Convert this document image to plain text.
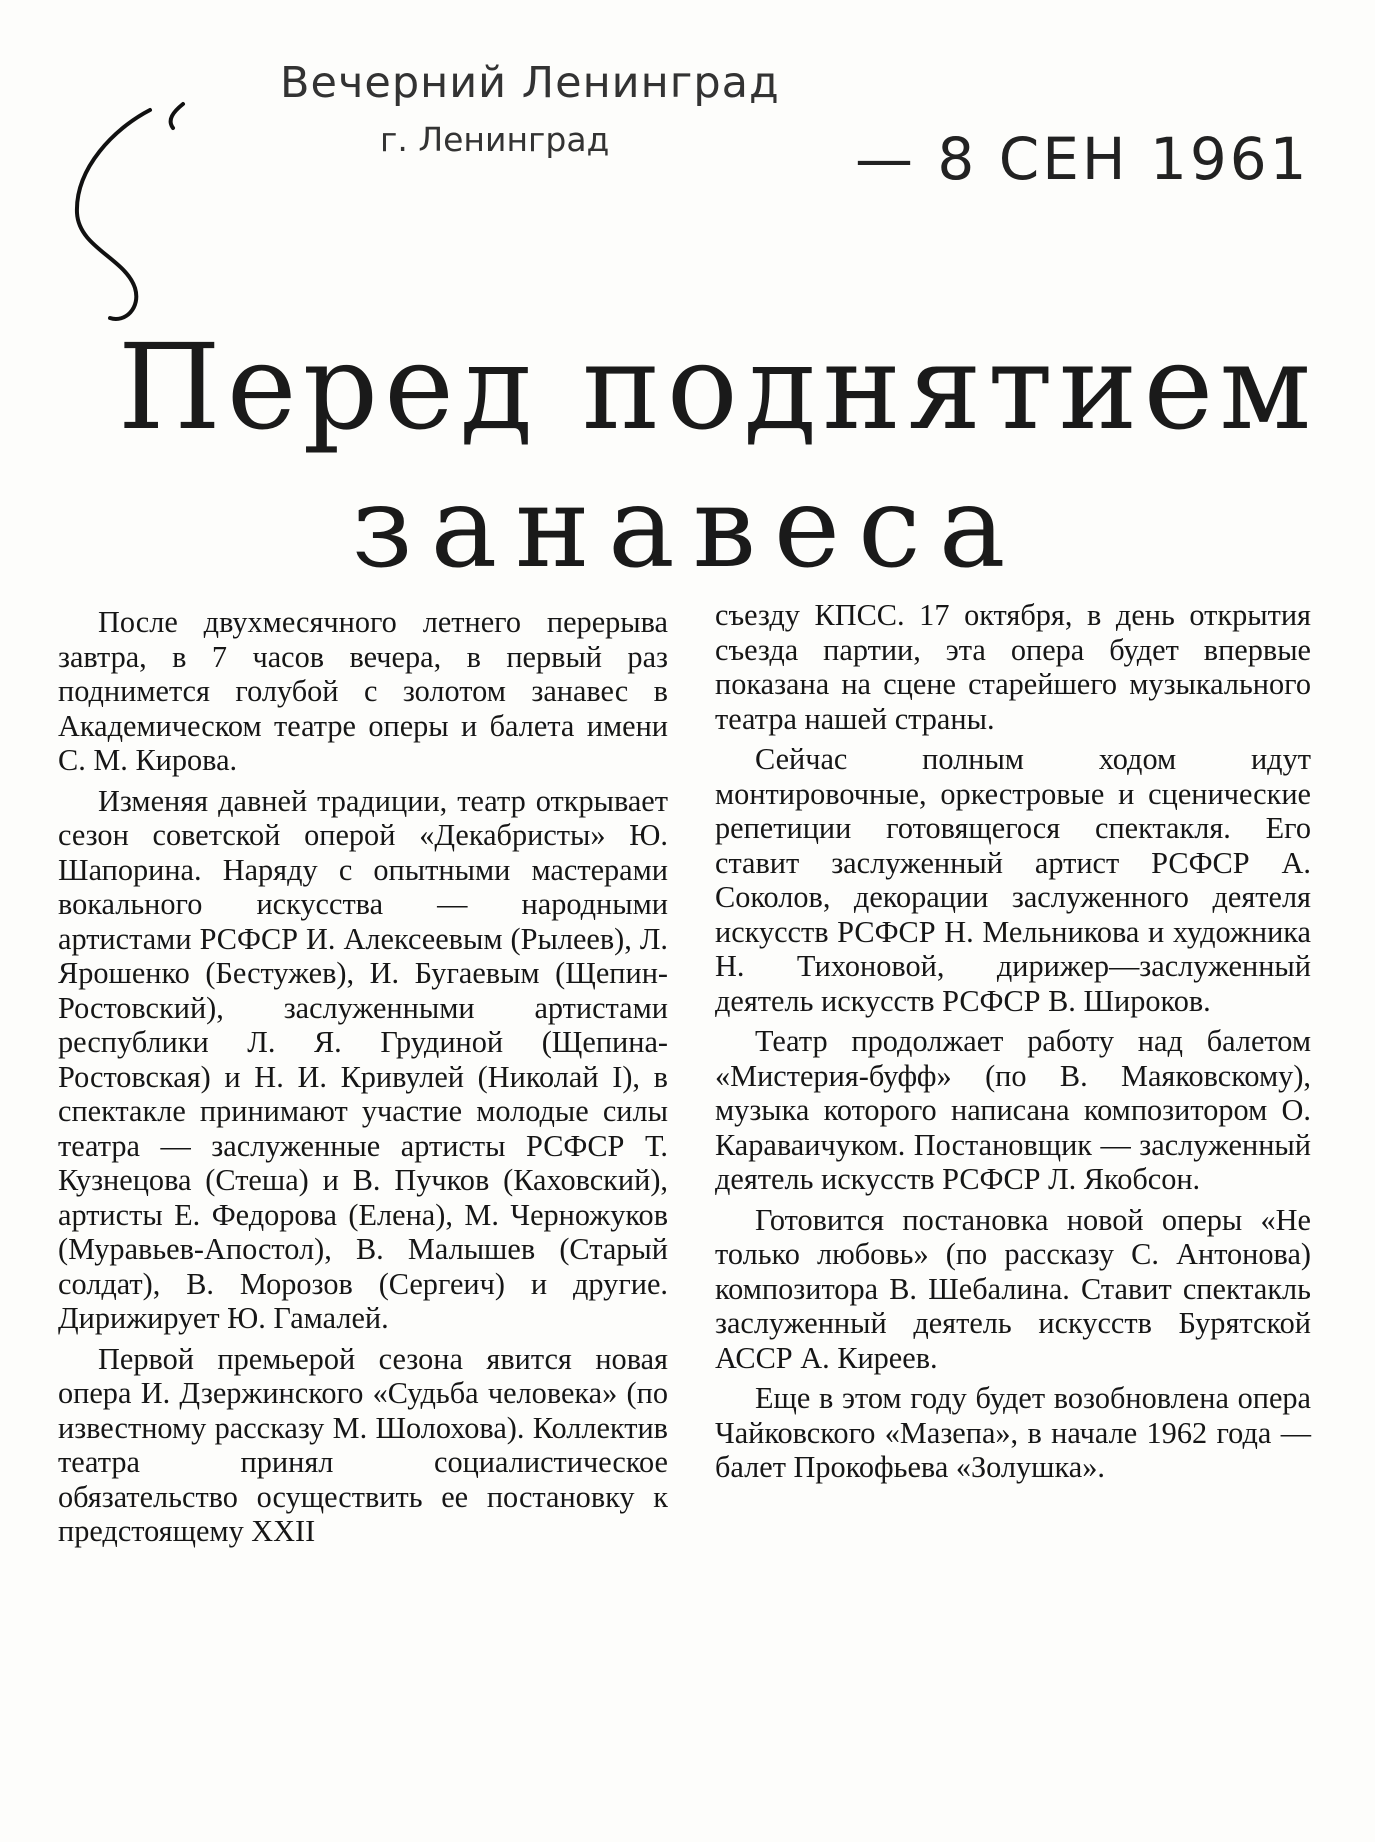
Вечерний Ленинград
г. Ленинград	— 8 СЕН 1961
Перед поднятием
занавеса

После двухмесячного летнего перерыва завтра, в 7 часов вечера, в первый раз поднимется голубой с золотом занавес в Академическом театре оперы и балета имени С. М. Кирова.

Изменяя давней традиции, театр открывает сезон советской оперой «Декабристы» Ю. Шапорина. Наряду с опытными мастерами вокального искусства — народными артистами РСФСР И. Алексеевым (Рылеев), Л. Ярошенко (Бестужев), И. Бугаевым (Щепин-Ростовский), заслуженными артистами республики Л. Я. Грудиной (Щепина-Ростовская) и Н. И. Кривулей (Николай I), в спектакле принимают участие молодые силы театра — заслуженные артисты РСФСР Т. Кузнецова (Стеша) и В. Пучков (Каховский), артисты Е. Федорова (Елена), М. Черножуков (Муравьев-Апостол), В. Малышев (Старый солдат), В. Морозов (Сергеич) и другие. Дирижирует Ю. Гамалей.

Первой премьерой сезона явится новая опера И. Дзержинского «Судьба человека» (по известному рассказу М. Шолохова). Коллектив театра принял социалистическое обязательство осуществить ее постановку к предстоящему XXII

съезду КПСС. 17 октября, в день открытия съезда партии, эта опера будет впервые показана на сцене старейшего музыкального театра нашей страны.

Сейчас полным ходом идут монтировочные, оркестровые и сценические репетиции готовящегося спектакля. Его ставит заслуженный артист РСФСР А. Соколов, декорации заслуженного деятеля искусств РСФСР Н. Мельникова и художника Н. Тихоновой, дирижер—заслуженный деятель искусств РСФСР В. Широков.

Театр продолжает работу над балетом «Мистерия-буфф» (по В. Маяковскому), музыка которого написана композитором О. Караваичуком. Постановщик — заслуженный деятель искусств РСФСР Л. Якобсон.

Готовится постановка новой оперы «Не только любовь» (по рассказу С. Антонова) композитора В. Шебалина. Ставит спектакль заслуженный деятель искусств Бурятской АССР А. Киреев.

Еще в этом году будет возобновлена опера Чайковского «Мазепа», в начале 1962 года — балет Прокофьева «Золушка».
